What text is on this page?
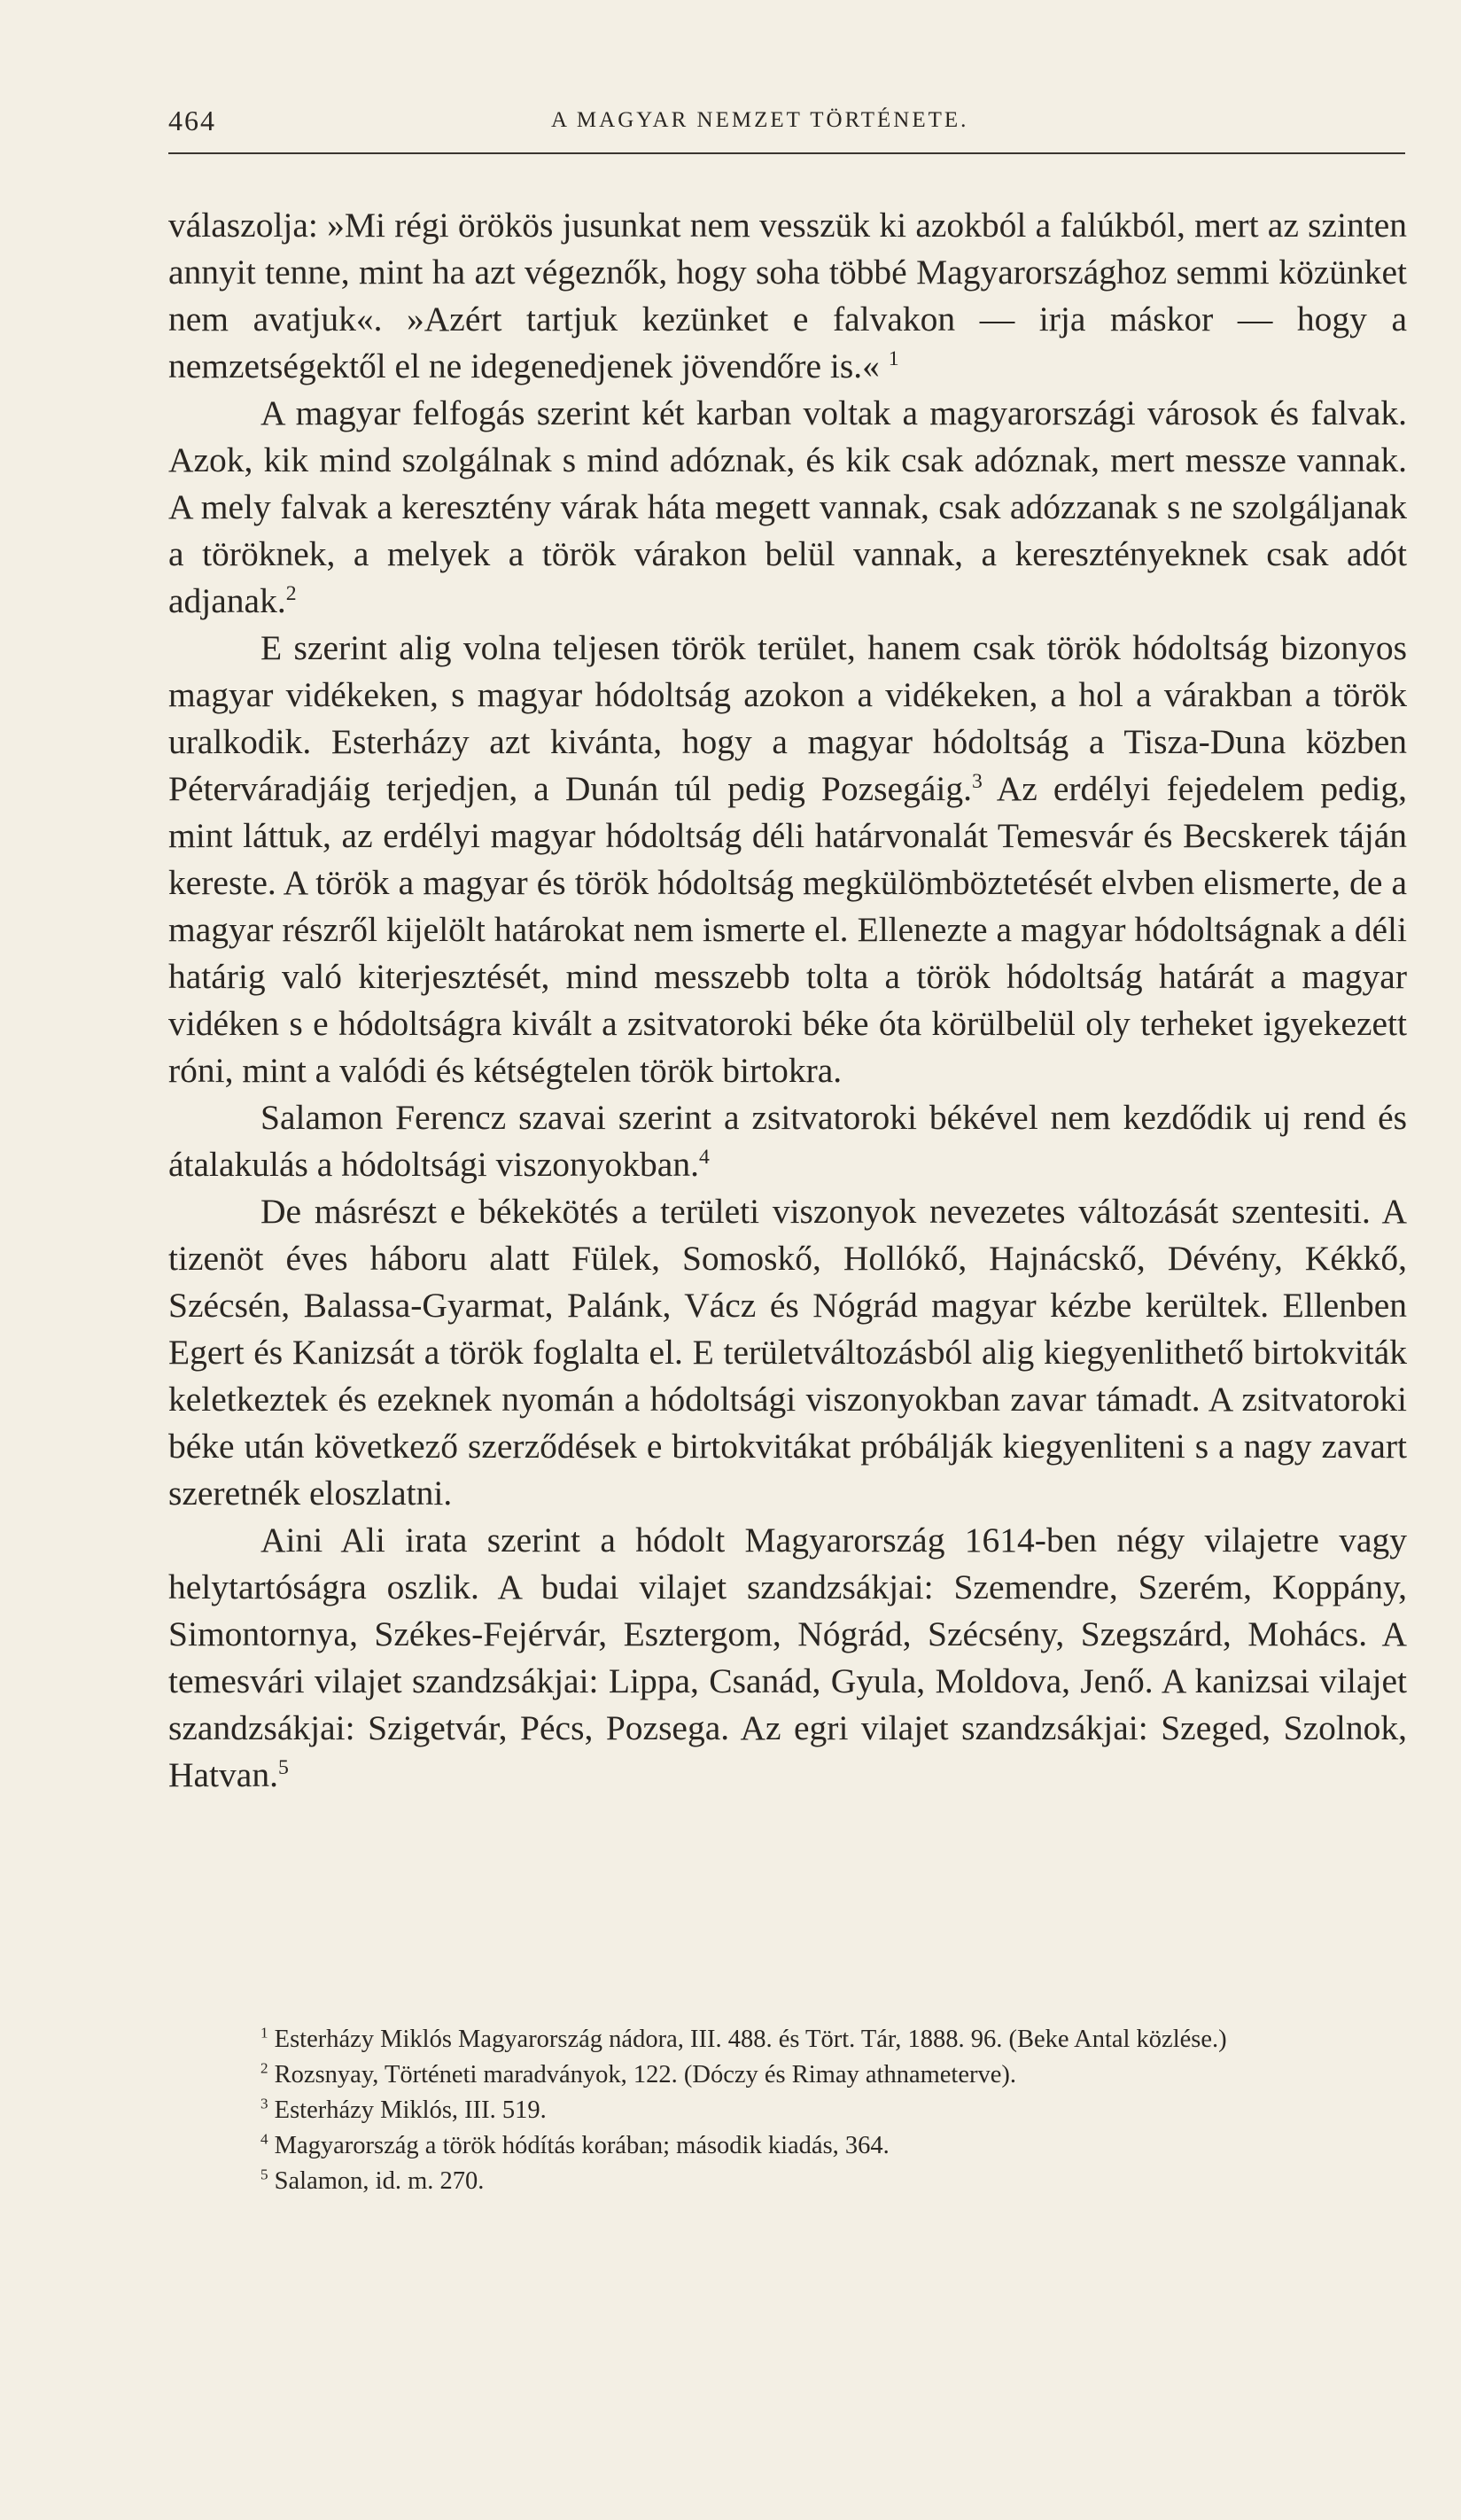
464	A MAGYAR NEMZET TÖRTÉNETE.

válaszolja: »Mi régi örökös jusunkat nem vesszük ki azokból a falúkból, mert az szinten annyit tenne, mint ha azt végeznők, hogy soha többé Magyarországhoz semmi közünket nem avatjuk«. »Azért tartjuk kezünket e falvakon — irja máskor — hogy a nemzetségektől el ne idegenedjenek jövendőre is.« $^1$

A magyar felfogás szerint két karban voltak a magyarországi városok és falvak. Azok, kik mind szolgálnak s mind adóznak, és kik csak adóznak, mert messze vannak. A mely falvak a keresztény várak háta megett vannak, csak adózzanak s ne szolgáljanak a töröknek, a melyek a török várakon belül vannak, a keresztényeknek csak adót adjanak.$^2$

E szerint alig volna teljesen török terület, hanem csak török hódoltság bizonyos magyar vidékeken, s magyar hódoltság azokon a vidékeken, a hol a várakban a török uralkodik. Esterházy azt kivánta, hogy a magyar hódoltság a Tisza-Duna közben Péterváradjáig terjedjen, a Dunán túl pedig Pozsegáig.$^3$ Az erdélyi fejedelem pedig, mint láttuk, az erdélyi magyar hódoltság déli határvonalát Temesvár és Becskerek táján kereste. A török a magyar és török hódoltság megkülömböztetését elvben elismerte, de a magyar részről kijelölt határokat nem ismerte el. Ellenezte a magyar hódoltságnak a déli határig való kiterjesztését, mind messzebb tolta a török hódoltság határát a magyar vidéken s e hódoltságra kivált a zsitvatoroki béke óta körülbelül oly terheket igyekezett róni, mint a valódi és kétségtelen török birtokra.

Salamon Ferencz szavai szerint a zsitvatoroki békével nem kezdődik uj rend és átalakulás a hódoltsági viszonyokban.$^4$

De másrészt e békekötés a területi viszonyok nevezetes változását szentesiti. A tizenöt éves háboru alatt Fülek, Somoskő, Hollókő, Hajnácskő, Dévény, Kékkő, Szécsén, Balassa-Gyarmat, Palánk, Vácz és Nógrád magyar kézbe kerültek. Ellenben Egert és Kanizsát a török foglalta el. E területváltozásból alig kiegyenlithető birtokviták keletkeztek és ezeknek nyomán a hódoltsági viszonyokban zavar támadt. A zsitvatoroki béke után következő szerződések e birtokvitákat próbálják kiegyenliteni s a nagy zavart szeretnék eloszlatni.

Aini Ali irata szerint a hódolt Magyarország 1614-ben négy vilajetre vagy helytartóságra oszlik. A budai vilajet szandzsákjai: Szemendre, Szerém, Koppány, Simontornya, Székes-Fejérvár, Esztergom, Nógrád, Szécsény, Szegszárd, Mohács. A temesvári vilajet szandzsákjai: Lippa, Csanád, Gyula, Moldova, Jenő. A kanizsai vilajet szandzsákjai: Szigetvár, Pécs, Pozsega. Az egri vilajet szandzsákjai: Szeged, Szolnok, Hatvan.$^5$

$^1$ Esterházy Miklós Magyarország nádora, III. 488. és Tört. Tár, 1888. 96. (Beke Antal közlése.)

$^2$ Rozsnyay, Történeti maradványok, 122. (Dóczy és Rimay athnameterve).

$^3$ Esterházy Miklós, III. 519.

$^4$ Magyarország a török hódítás korában; második kiadás, 364.

$^5$ Salamon, id. m. 270.
